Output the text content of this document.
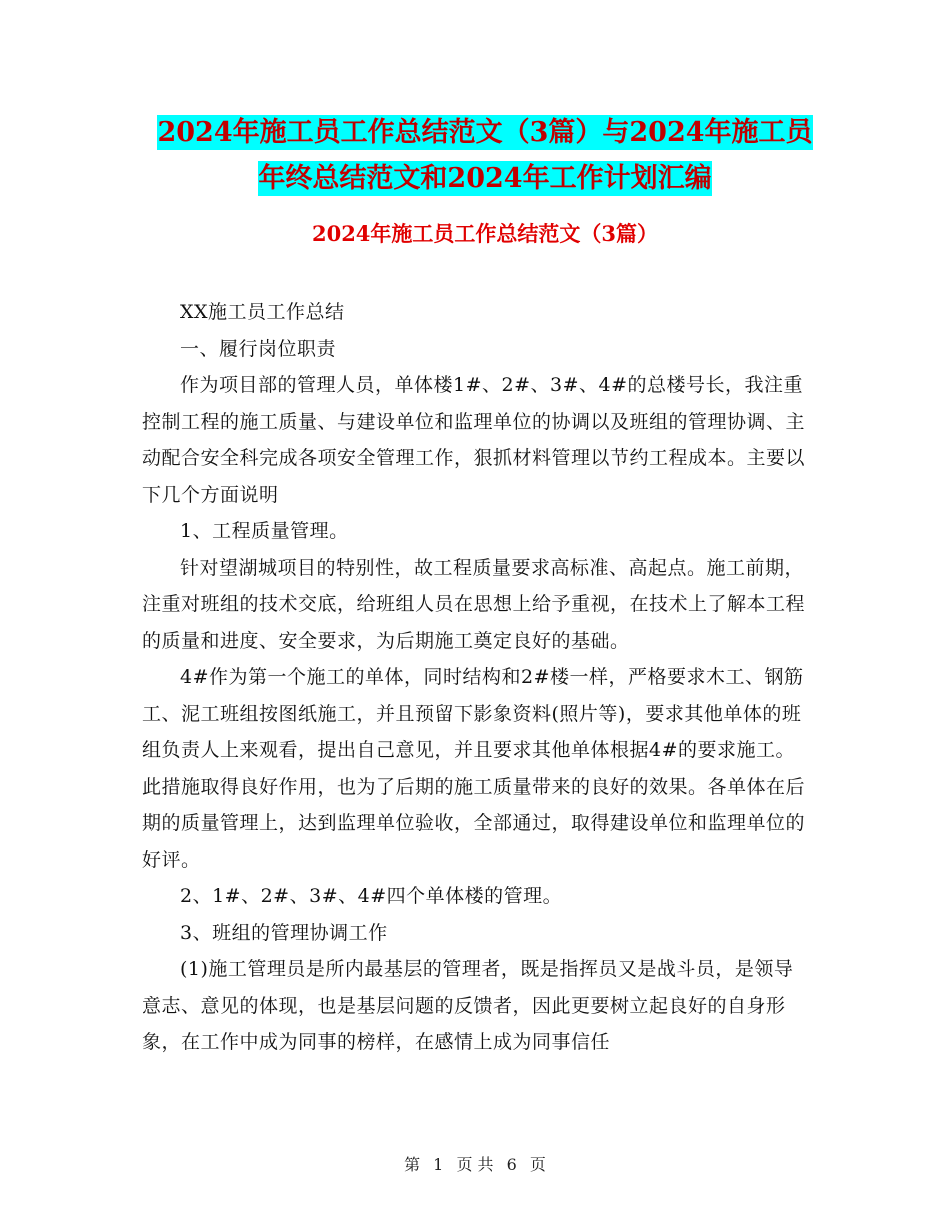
2024年施工员工作总结范文（3篇）与2024年施工员
年终总结范文和2024年工作计划汇编
2024年施工员工作总结范文（3篇）

XX施工员工作总结

一、履行岗位职责

作为项目部的管理人员，单体楼1#、2#、3#、4#的总楼号长，我注重控制工程的施工质量、与建设单位和监理单位的协调以及班组的管理协调、主动配合安全科完成各项安全管理工作，狠抓材料管理以节约工程成本。主要以下几个方面说明

1、工程质量管理。

针对望湖城项目的特别性，故工程质量要求高标准、高起点。施工前期，注重对班组的技术交底，给班组人员在思想上给予重视，在技术上了解本工程的质量和进度、安全要求，为后期施工奠定良好的基础。

4#作为第一个施工的单体，同时结构和2#楼一样，严格要求木工、钢筋工、泥工班组按图纸施工，并且预留下影象资料(照片等)，要求其他单体的班组负责人上来观看，提出自己意见，并且要求其他单体根据4#的要求施工。此措施取得良好作用，也为了后期的施工质量带来的良好的效果。各单体在后期的质量管理上，达到监理单位验收，全部通过，取得建设单位和监理单位的好评。

2、1#、2#、3#、4#四个单体楼的管理。

3、班组的管理协调工作

(1)施工管理员是所内最基层的管理者，既是指挥员又是战斗员，是领导意志、意见的体现，也是基层问题的反馈者，因此更要树立起良好的自身形象，在工作中成为同事的榜样，在感情上成为同事信任

第 1 页 共 6 页
